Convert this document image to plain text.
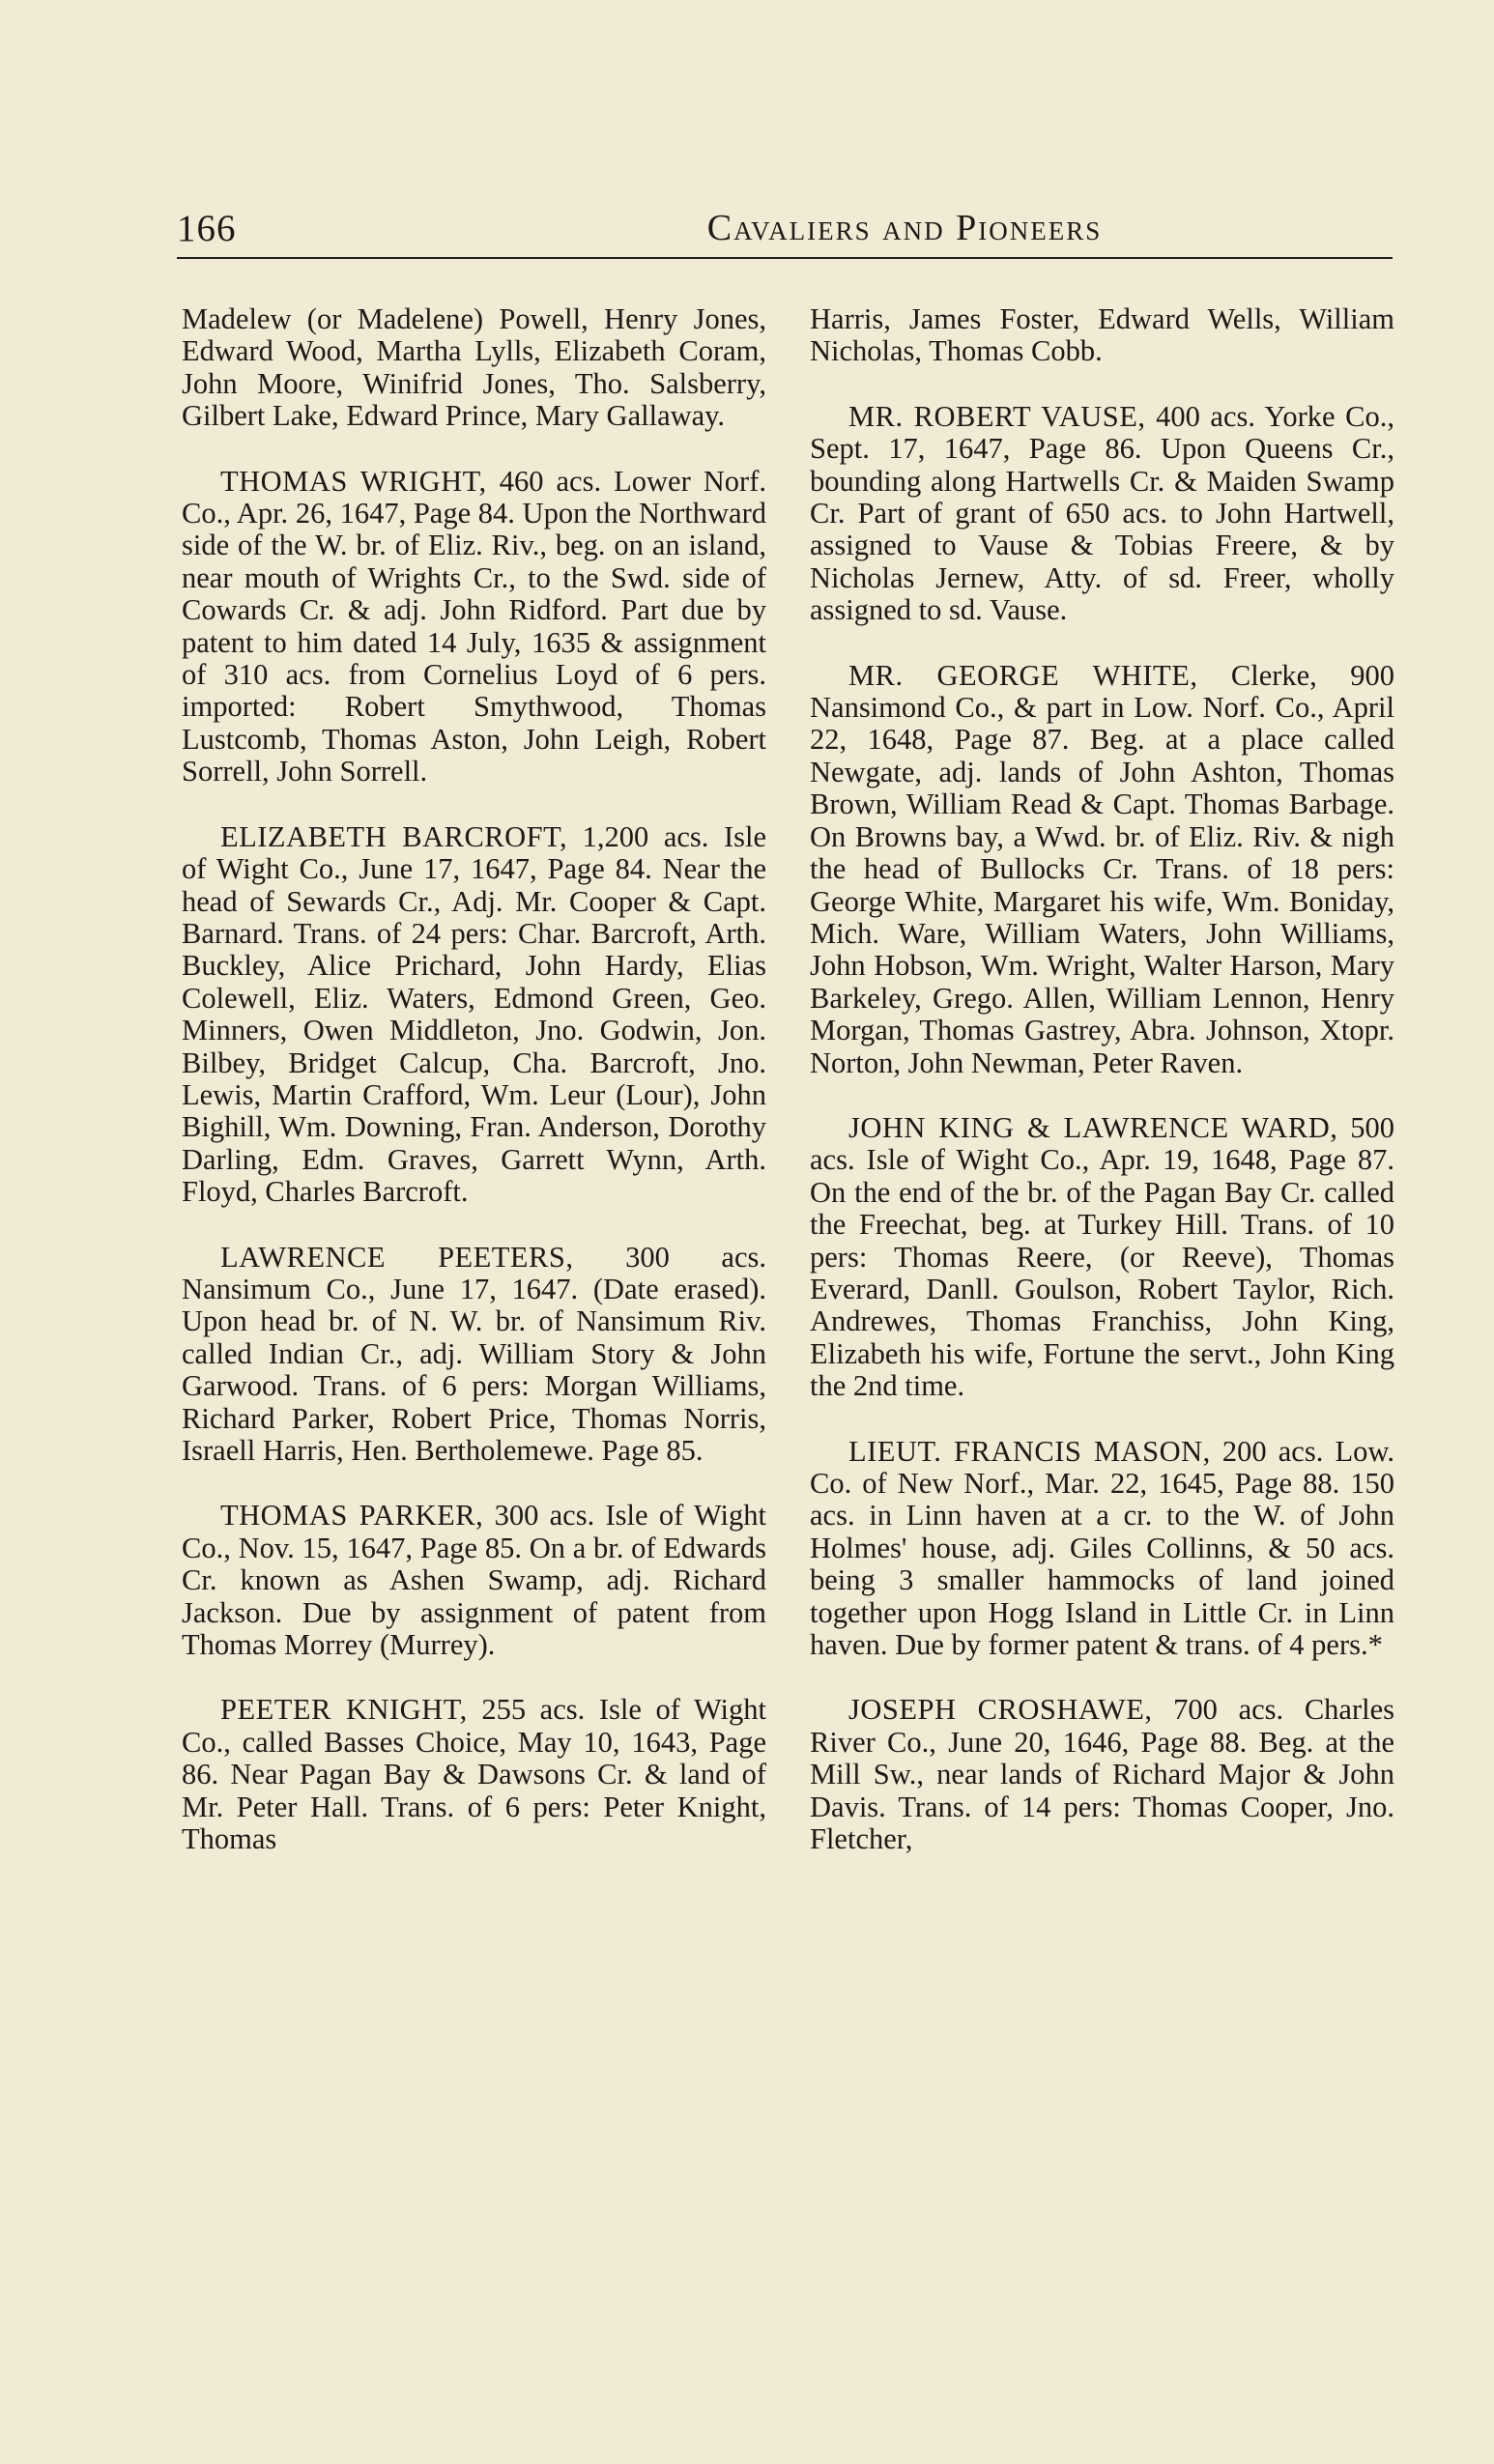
166	Cavaliers and Pioneers

Madelew (or Madelene) Powell, Henry Jones, Edward Wood, Martha Lylls, Elizabeth Coram, John Moore, Winifrid Jones, Tho. Salsberry, Gilbert Lake, Edward Prince, Mary Gallaway.

THOMAS WRIGHT, 460 acs. Lower Norf. Co., Apr. 26, 1647, Page 84. Upon the Northward side of the W. br. of Eliz. Riv., beg. on an island, near mouth of Wrights Cr., to the Swd. side of Cowards Cr. & adj. John Ridford. Part due by patent to him dated 14 July, 1635 & assignment of 310 acs. from Cornelius Loyd of 6 pers. imported: Robert Smythwood, Thomas Lustcomb, Thomas Aston, John Leigh, Robert Sorrell, John Sorrell.

ELIZABETH BARCROFT, 1,200 acs. Isle of Wight Co., June 17, 1647, Page 84. Near the head of Sewards Cr., Adj. Mr. Cooper & Capt. Barnard. Trans. of 24 pers: Char. Barcroft, Arth. Buckley, Alice Prichard, John Hardy, Elias Colewell, Eliz. Waters, Edmond Green, Geo. Minners, Owen Middleton, Jno. Godwin, Jon. Bilbey, Bridget Calcup, Cha. Barcroft, Jno. Lewis, Martin Crafford, Wm. Leur (Lour), John Bighill, Wm. Downing, Fran. Anderson, Dorothy Darling, Edm. Graves, Garrett Wynn, Arth. Floyd, Charles Barcroft.

LAWRENCE PEETERS, 300 acs. Nansimum Co., June 17, 1647. (Date erased). Upon head br. of N. W. br. of Nansimum Riv. called Indian Cr., adj. William Story & John Garwood. Trans. of 6 pers: Morgan Williams, Richard Parker, Robert Price, Thomas Norris, Israell Harris, Hen. Bertholemewe. Page 85.

THOMAS PARKER, 300 acs. Isle of Wight Co., Nov. 15, 1647, Page 85. On a br. of Edwards Cr. known as Ashen Swamp, adj. Richard Jackson. Due by assignment of patent from Thomas Morrey (Murrey).

PEETER KNIGHT, 255 acs. Isle of Wight Co., called Basses Choice, May 10, 1643, Page 86. Near Pagan Bay & Dawsons Cr. & land of Mr. Peter Hall. Trans. of 6 pers: Peter Knight, Thomas

Harris, James Foster, Edward Wells, William Nicholas, Thomas Cobb.

MR. ROBERT VAUSE, 400 acs. Yorke Co., Sept. 17, 1647, Page 86. Upon Queens Cr., bounding along Hartwells Cr. & Maiden Swamp Cr. Part of grant of 650 acs. to John Hartwell, assigned to Vause & Tobias Freere, & by Nicholas Jernew, Atty. of sd. Freer, wholly assigned to sd. Vause.

MR. GEORGE WHITE, Clerke, 900 Nansimond Co., & part in Low. Norf. Co., April 22, 1648, Page 87. Beg. at a place called Newgate, adj. lands of John Ashton, Thomas Brown, William Read & Capt. Thomas Barbage. On Browns bay, a Wwd. br. of Eliz. Riv. & nigh the head of Bullocks Cr. Trans. of 18 pers: George White, Margaret his wife, Wm. Boniday, Mich. Ware, William Waters, John Williams, John Hobson, Wm. Wright, Walter Harson, Mary Barkeley, Grego. Allen, William Lennon, Henry Morgan, Thomas Gastrey, Abra. Johnson, Xtopr. Norton, John Newman, Peter Raven.

JOHN KING & LAWRENCE WARD, 500 acs. Isle of Wight Co., Apr. 19, 1648, Page 87. On the end of the br. of the Pagan Bay Cr. called the Freechat, beg. at Turkey Hill. Trans. of 10 pers: Thomas Reere, (or Reeve), Thomas Everard, Danll. Goulson, Robert Taylor, Rich. Andrewes, Thomas Franchiss, John King, Elizabeth his wife, Fortune the servt., John King the 2nd time.

LIEUT. FRANCIS MASON, 200 acs. Low. Co. of New Norf., Mar. 22, 1645, Page 88. 150 acs. in Linn haven at a cr. to the W. of John Holmes' house, adj. Giles Collinns, & 50 acs. being 3 smaller hammocks of land joined together upon Hogg Island in Little Cr. in Linn haven. Due by former patent & trans. of 4 pers.*

JOSEPH CROSHAWE, 700 acs. Charles River Co., June 20, 1646, Page 88. Beg. at the Mill Sw., near lands of Richard Major & John Davis. Trans. of 14 pers: Thomas Cooper, Jno. Fletcher,
